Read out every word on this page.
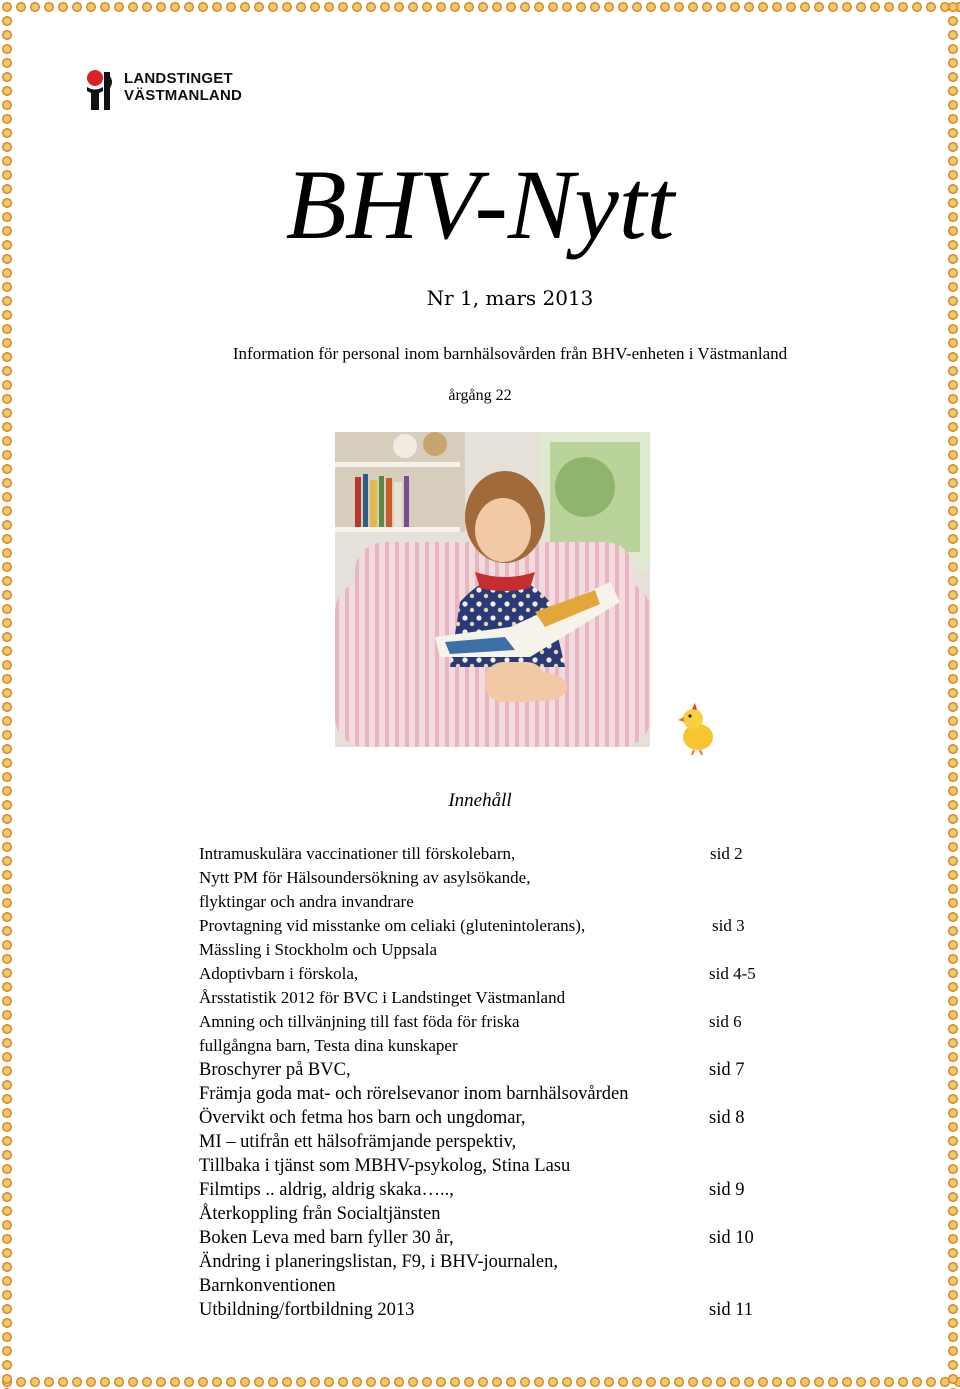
LANDSTINGET
VÄSTMANLAND
BHV-Nytt
Nr 1, mars 2013
Information för personal inom barnhälsovården från BHV-enheten i Västmanland
årgång 22
Innehåll
Intramuskulära vaccinationer till förskolebarn,	sid 2
Nytt PM för Hälsoundersökning av asylsökande,
flyktingar och andra invandrare
Provtagning vid misstanke om celiaki (glutenintolerans),	sid 3
Mässling i Stockholm och Uppsala
Adoptivbarn i förskola,	sid 4-5
Årsstatistik 2012 för BVC i Landstinget Västmanland
Amning och tillvänjning till fast föda för friska	sid 6
fullgångna barn, Testa dina kunskaper
Broschyrer på BVC,	sid 7
Främja goda mat- och rörelsevanor inom barnhälsovården
Övervikt och fetma hos barn och ungdomar,	sid 8
MI – utifrån ett hälsofrämjande perspektiv,
Tillbaka i tjänst som MBHV-psykolog, Stina Lasu
Filmtips .. aldrig, aldrig skaka…..,	sid 9
Återkoppling från Socialtjänsten
Boken Leva med barn fyller 30 år,	sid 10
Ändring i planeringslistan, F9, i BHV-journalen,
Barnkonventionen
Utbildning/fortbildning 2013	sid 11
